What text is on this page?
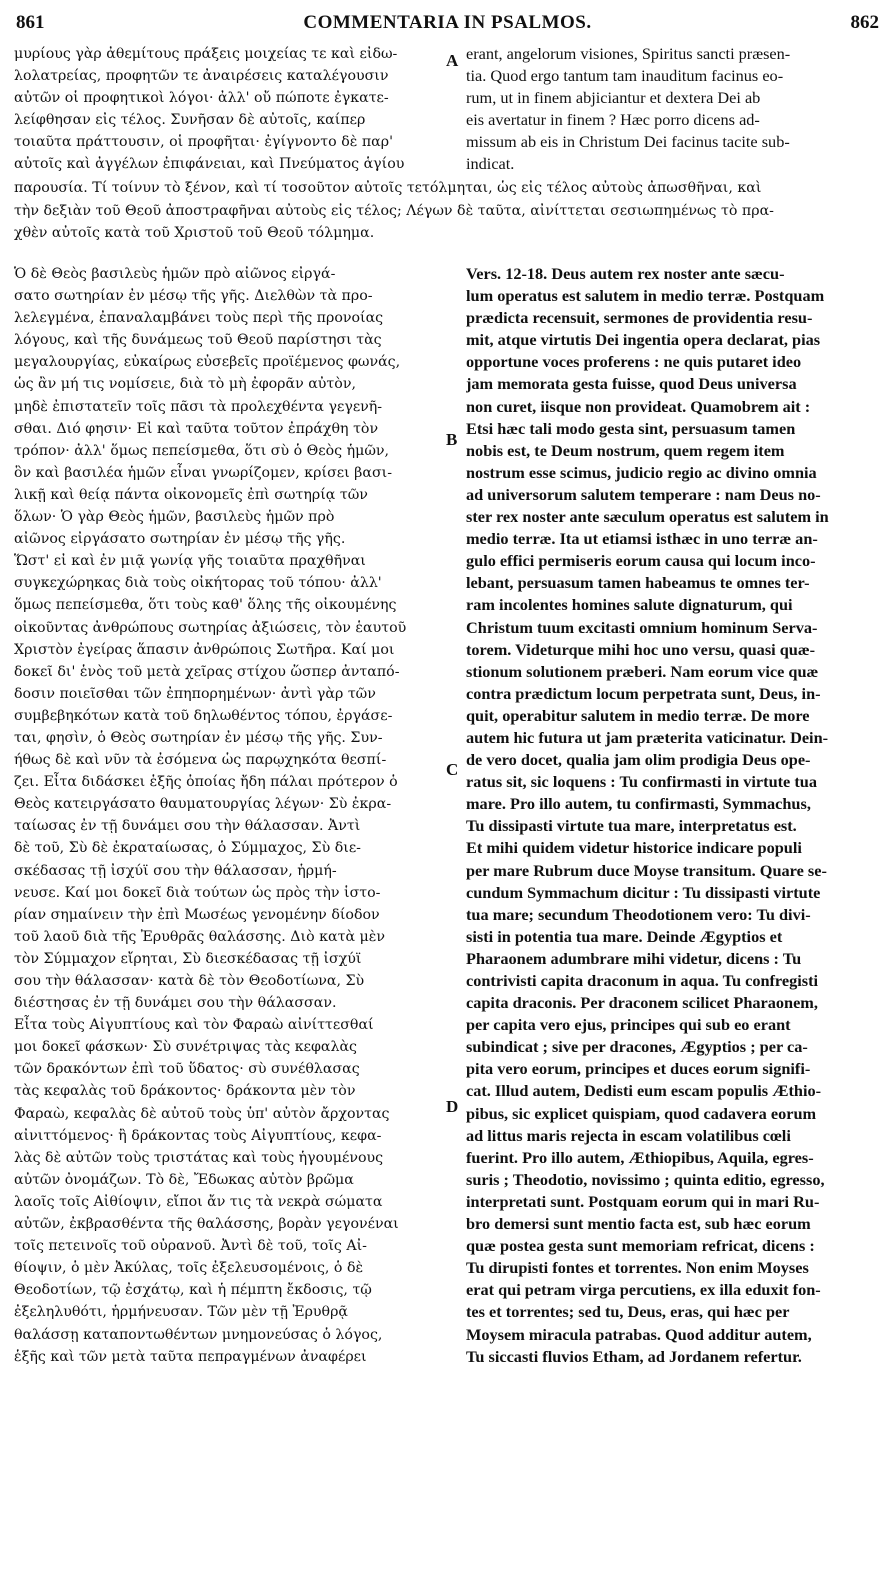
861	COMMENTARIA IN PSALMOS.	862
μυρίους γὰρ ἀθεμίτους πράξεις μοιχείας τε καὶ εἰδω-
λολατρείας, προφητῶν τε ἀναιρέσεις καταλέγουσιν
αὐτῶν οἱ προφητικοὶ λόγοι· ἀλλ' οὔ πώποτε ἐγκατε-
λείφθησαν εἰς τέλος. Συνῆσαν δὲ αὐτοῖς, καίπερ
τοιαῦτα πράττουσιν, οἱ προφῆται· ἐγίγνοντο δὲ παρ'
αὐτοῖς καὶ ἀγγέλων ἐπιφάνειαι, καὶ Πνεύματος ἁγίου
erant, angelorum visiones, Spiritus sancti præsen-
tia. Quod ergo tantum tam inauditum facinus eo-
rum, ut in finem abjiciantur et dextera Dei ab
eis avertatur in finem ? Hæc porro dicens ad-
missum ab eis in Christum Dei facinus tacite sub-
indicat.
παρουσία. Τί τοίνυν τὸ ξένον, καὶ τί τοσοῦτον αὐτοῖς τετόλμηται, ὡς εἰς τέλος αὐτοὺς ἀπωσθῆναι, καὶ
τὴν δεξιὰν τοῦ Θεοῦ ἀποστραφῆναι αὐτοὺς εἰς τέλος; Λέγων δὲ ταῦτα, αἰνίττεται σεσιωπημένως τὸ πρα-
χθὲν αὐτοῖς κατὰ τοῦ Χριστοῦ τοῦ Θεοῦ τόλμημα.
Ὁ δὲ Θεὸς βασιλεὺς ἡμῶν πρὸ αἰῶνος εἰργά-
σατο σωτηρίαν ἐν μέσῳ τῆς γῆς. Διελθὼν τὰ προ-
λελεγμένα, ἐπαναλαμβάνει τοὺς περὶ τῆς προνοίας
λόγους, καὶ τῆς δυνάμεως τοῦ Θεοῦ παρίστησι τὰς
μεγαλουργίας, εὐκαίρως εὐσεβεῖς προϊέμενος φωνάς,
ὡς ἂν μή τις νομίσειε, διὰ τὸ μὴ ἐφορᾶν αὐτὸν,
μηδὲ ἐπιστατεῖν τοῖς πᾶσι τὰ προλεχθέντα γεγενῆ-
σθαι. Διό φησιν· Εἰ καὶ ταῦτα τοῦτον ἐπράχθη τὸν
τρόπον· ἀλλ' ὅμως πεπείσμεθα, ὅτι σὺ ὁ Θεὸς ἡμῶν,
ὃν καὶ βασιλέα ἡμῶν εἶναι γνωρίζομεν, κρίσει βασι-
λικῇ καὶ θείᾳ πάντα οἰκονομεῖς ἐπὶ σωτηρίᾳ τῶν
ὅλων· Ὁ γὰρ Θεὸς ἡμῶν, βασιλεὺς ἡμῶν πρὸ
αἰῶνος εἰργάσατο σωτηρίαν ἐν μέσῳ τῆς γῆς.
Ὥστ' εἰ καὶ ἐν μιᾷ γωνίᾳ γῆς τοιαῦτα πραχθῆναι
συγκεχώρηκας διὰ τοὺς οἰκήτορας τοῦ τόπου· ἀλλ'
ὅμως πεπείσμεθα, ὅτι τοὺς καθ' ὅλης τῆς οἰκουμένης
οἰκοῦντας ἀνθρώπους σωτηρίας ἀξιώσεις, τὸν ἑαυτοῦ
Χριστὸν ἐγείρας ἅπασιν ἀνθρώποις Σωτῆρα. Καί μοι
δοκεῖ δι' ἑνὸς τοῦ μετὰ χεῖρας στίχου ὥσπερ ἀνταπό-
δοσιν ποιεῖσθαι τῶν ἐπηπορημένων· ἀντὶ γὰρ τῶν
συμβεβηκότων κατὰ τοῦ δηλωθέντος τόπου, ἐργάσε-
ται, φησὶν, ὁ Θεὸς σωτηρίαν ἐν μέσῳ τῆς γῆς. Συν-
ήθως δὲ καὶ νῦν τὰ ἐσόμενα ὡς παρῳχηκότα θεσπί-
ζει. Εἶτα διδάσκει ἑξῆς ὁποίας ἤδη πάλαι πρότερον ὁ
Θεὸς κατειργάσατο θαυματουργίας λέγων· Σὺ ἐκρα-
ταίωσας ἐν τῇ δυνάμει σου τὴν θάλασσαν. Ἀντὶ
δὲ τοῦ, Σὺ δὲ ἐκραταίωσας, ὁ Σύμμαχος, Σὺ διε-
σκέδασας τῇ ἰσχύϊ σου τὴν θάλασσαν, ἡρμή-
νευσε. Καί μοι δοκεῖ διὰ τούτων ὡς πρὸς τὴν ἱστο-
ρίαν σημαίνειν τὴν ἐπὶ Μωσέως γενομένην δίοδον
τοῦ λαοῦ διὰ τῆς Ἐρυθρᾶς θαλάσσης. Διὸ κατὰ μὲν
τὸν Σύμμαχον εἴρηται, Σὺ διεσκέδασας τῇ ἰσχύϊ
σου τὴν θάλασσαν· κατὰ δὲ τὸν Θεοδοτίωνα, Σὺ
διέστησας ἐν τῇ δυνάμει σου τὴν θάλασσαν.
Εἶτα τοὺς Αἰγυπτίους καὶ τὸν Φαραὼ αἰνίττεσθαί
μοι δοκεῖ φάσκων· Σὺ συνέτριψας τὰς κεφαλὰς
τῶν δρακόντων ἐπὶ τοῦ ὕδατος· σὺ συνέθλασας
τὰς κεφαλὰς τοῦ δράκοντος· δράκοντα μὲν τὸν
Φαραὼ, κεφαλὰς δὲ αὐτοῦ τοὺς ὑπ' αὐτὸν ἄρχοντας
αἰνιττόμενος· ἢ δράκοντας τοὺς Αἰγυπτίους, κεφα-
λὰς δὲ αὐτῶν τοὺς τριστάτας καὶ τοὺς ἡγουμένους
αὐτῶν ὀνομάζων. Τὸ δὲ, Ἔδωκας αὐτὸν βρῶμα
λαοῖς τοῖς Αἰθίοψιν, εἴποι ἄν τις τὰ νεκρὰ σώματα
αὐτῶν, ἐκβρασθέντα τῆς θαλάσσης, βορὰν γεγονέναι
τοῖς πετεινοῖς τοῦ οὐρανοῦ. Ἀντὶ δὲ τοῦ, τοῖς Αἰ-
θίοψιν, ὁ μὲν Ἀκύλας, τοῖς ἐξελευσομένοις, ὁ δὲ
Θεοδοτίων, τῷ ἐσχάτῳ, καὶ ἡ πέμπτη ἔκδοσις, τῷ
ἐξεληλυθότι, ἡρμήνευσαν. Τῶν μὲν τῇ Ἐρυθρᾷ
θαλάσσῃ καταποντωθέντων μνημονεύσας ὁ λόγος,
ἑξῆς καὶ τῶν μετὰ ταῦτα πεπραγμένων ἀναφέρει
Vers. 12-18. Deus autem rex noster ante sæcu-
lum operatus est salutem in medio terræ. Postquam
prædicta recensuit, sermones de providentia resu-
mit, atque virtutis Dei ingentia opera declarat, pias
opportune voces proferens : ne quis putaret ideo
jam memorata gesta fuisse, quod Deus universa
non curet, iisque non provideat. Quamobrem ait :
Etsi hæc tali modo gesta sint, persuasum tamen
nobis est, te Deum nostrum, quem regem item
nostrum esse scimus, judicio regio ac divino omnia
ad universorum salutem temperare : nam Deus no-
ster rex noster ante sæculum operatus est salutem in
medio terræ. Ita ut etiamsi isthæc in uno terræ an-
gulo effici permiseris eorum causa qui locum inco-
lebant, persuasum tamen habeamus te omnes ter-
ram incolentes homines salute dignaturum, qui
Christum tuum excitasti omnium hominum Serva-
torem. Videturque mihi hoc uno versu, quasi quæ-
stionum solutionem præberi. Nam eorum vice quæ
contra prædictum locum perpetrata sunt, Deus, in-
quit, operabitur salutem in medio terræ. De more
autem hic futura ut jam præterita vaticinatur. Dein-
de vero docet, qualia jam olim prodigia Deus ope-
ratus sit, sic loquens : Tu confirmasti in virtute tua
mare. Pro illo autem, tu confirmasti, Symmachus,
Tu dissipasti virtute tua mare, interpretatus est.
Et mihi quidem videtur historice indicare populi
per mare Rubrum duce Moyse transitum. Quare se-
cundum Symmachum dicitur : Tu dissipasti virtute
tua mare; secundum Theodotionem vero: Tu divi-
sisti in potentia tua mare. Deinde Ægyptios et
Pharaonem adumbrare mihi videtur, dicens : Tu
contrivisti capita draconum in aqua. Tu confregisti
capita draconis. Per draconem scilicet Pharaonem,
per capita vero ejus, principes qui sub eo erant
subindicat ; sive per dracones, Ægyptios ; per ca-
pita vero eorum, principes et duces eorum signifi-
cat. Illud autem, Dedisti eum escam populis Æthio-
pibus, sic explicet quispiam, quod cadavera eorum
ad littus maris rejecta in escam volatilibus cœli
fuerint. Pro illo autem, Æthiopibus, Aquila, egres-
suris ; Theodotio, novissimo ; quinta editio, egresso,
interpretati sunt. Postquam eorum qui in mari Ru-
bro demersi sunt mentio facta est, sub hæc eorum
quæ postea gesta sunt memoriam refricat, dicens :
Tu dirupisti fontes et torrentes. Non enim Moyses
erat qui petram virga percutiens, ex illa eduxit fon-
tes et torrentes; sed tu, Deus, eras, qui hæc per
Moysem miracula patrabas. Quod additur autem,
Tu siccasti fluvios Etham, ad Jordanem refertur.
A
B
C
D
